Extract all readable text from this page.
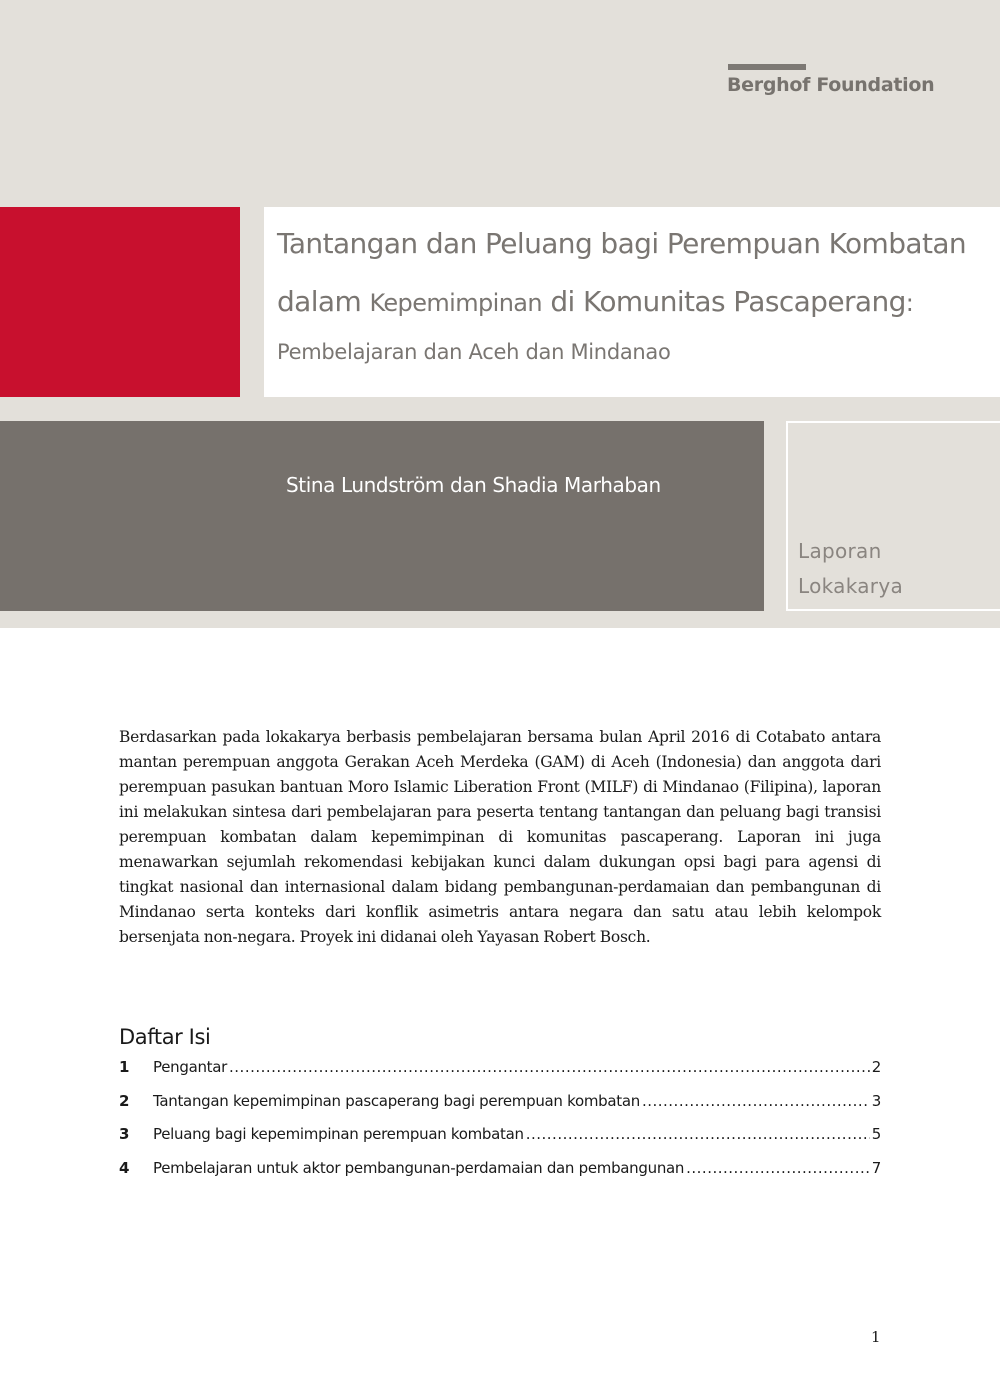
Berghof Foundation
Tantangan dan Peluang bagi Perempuan Kombatan
dalam Kepemimpinan di Komunitas Pascaperang:
Pembelajaran dan Aceh dan Mindanao
Stina Lundström dan Shadia Marhaban
Laporan
Lokakarya

Berdasarkan pada lokakarya berbasis pembelajaran bersama bulan April 2016 di Cotabato antara mantan perempuan anggota Gerakan Aceh Merdeka (GAM) di Aceh (Indonesia) dan anggota dari perempuan pasukan bantuan Moro Islamic Liberation Front (MILF) di Mindanao (Filipina), laporan ini melakukan sintesa dari pembelajaran para peserta tentang tantangan dan peluang bagi transisi perempuan kombatan dalam kepemimpinan di komunitas pascaperang. Laporan ini juga menawarkan sejumlah rekomendasi kebijakan kunci dalam dukungan opsi bagi para agensi di tingkat nasional dan internasional dalam bidang pembangunan-perdamaian dan pembangunan di Mindanao serta konteks dari konflik asimetris antara negara dan satu atau lebih kelompok bersenjata non-negara. Proyek ini didanai oleh Yayasan Robert Bosch.

Daftar Isi
1	Pengantar .....	2
2	Tantangan kepemimpinan pascaperang bagi perempuan kombatan .....	3
3	Peluang bagi kepemimpinan perempuan kombatan .....	5
4	Pembelajaran untuk aktor pembangunan-perdamaian dan pembangunan .....	7
1
